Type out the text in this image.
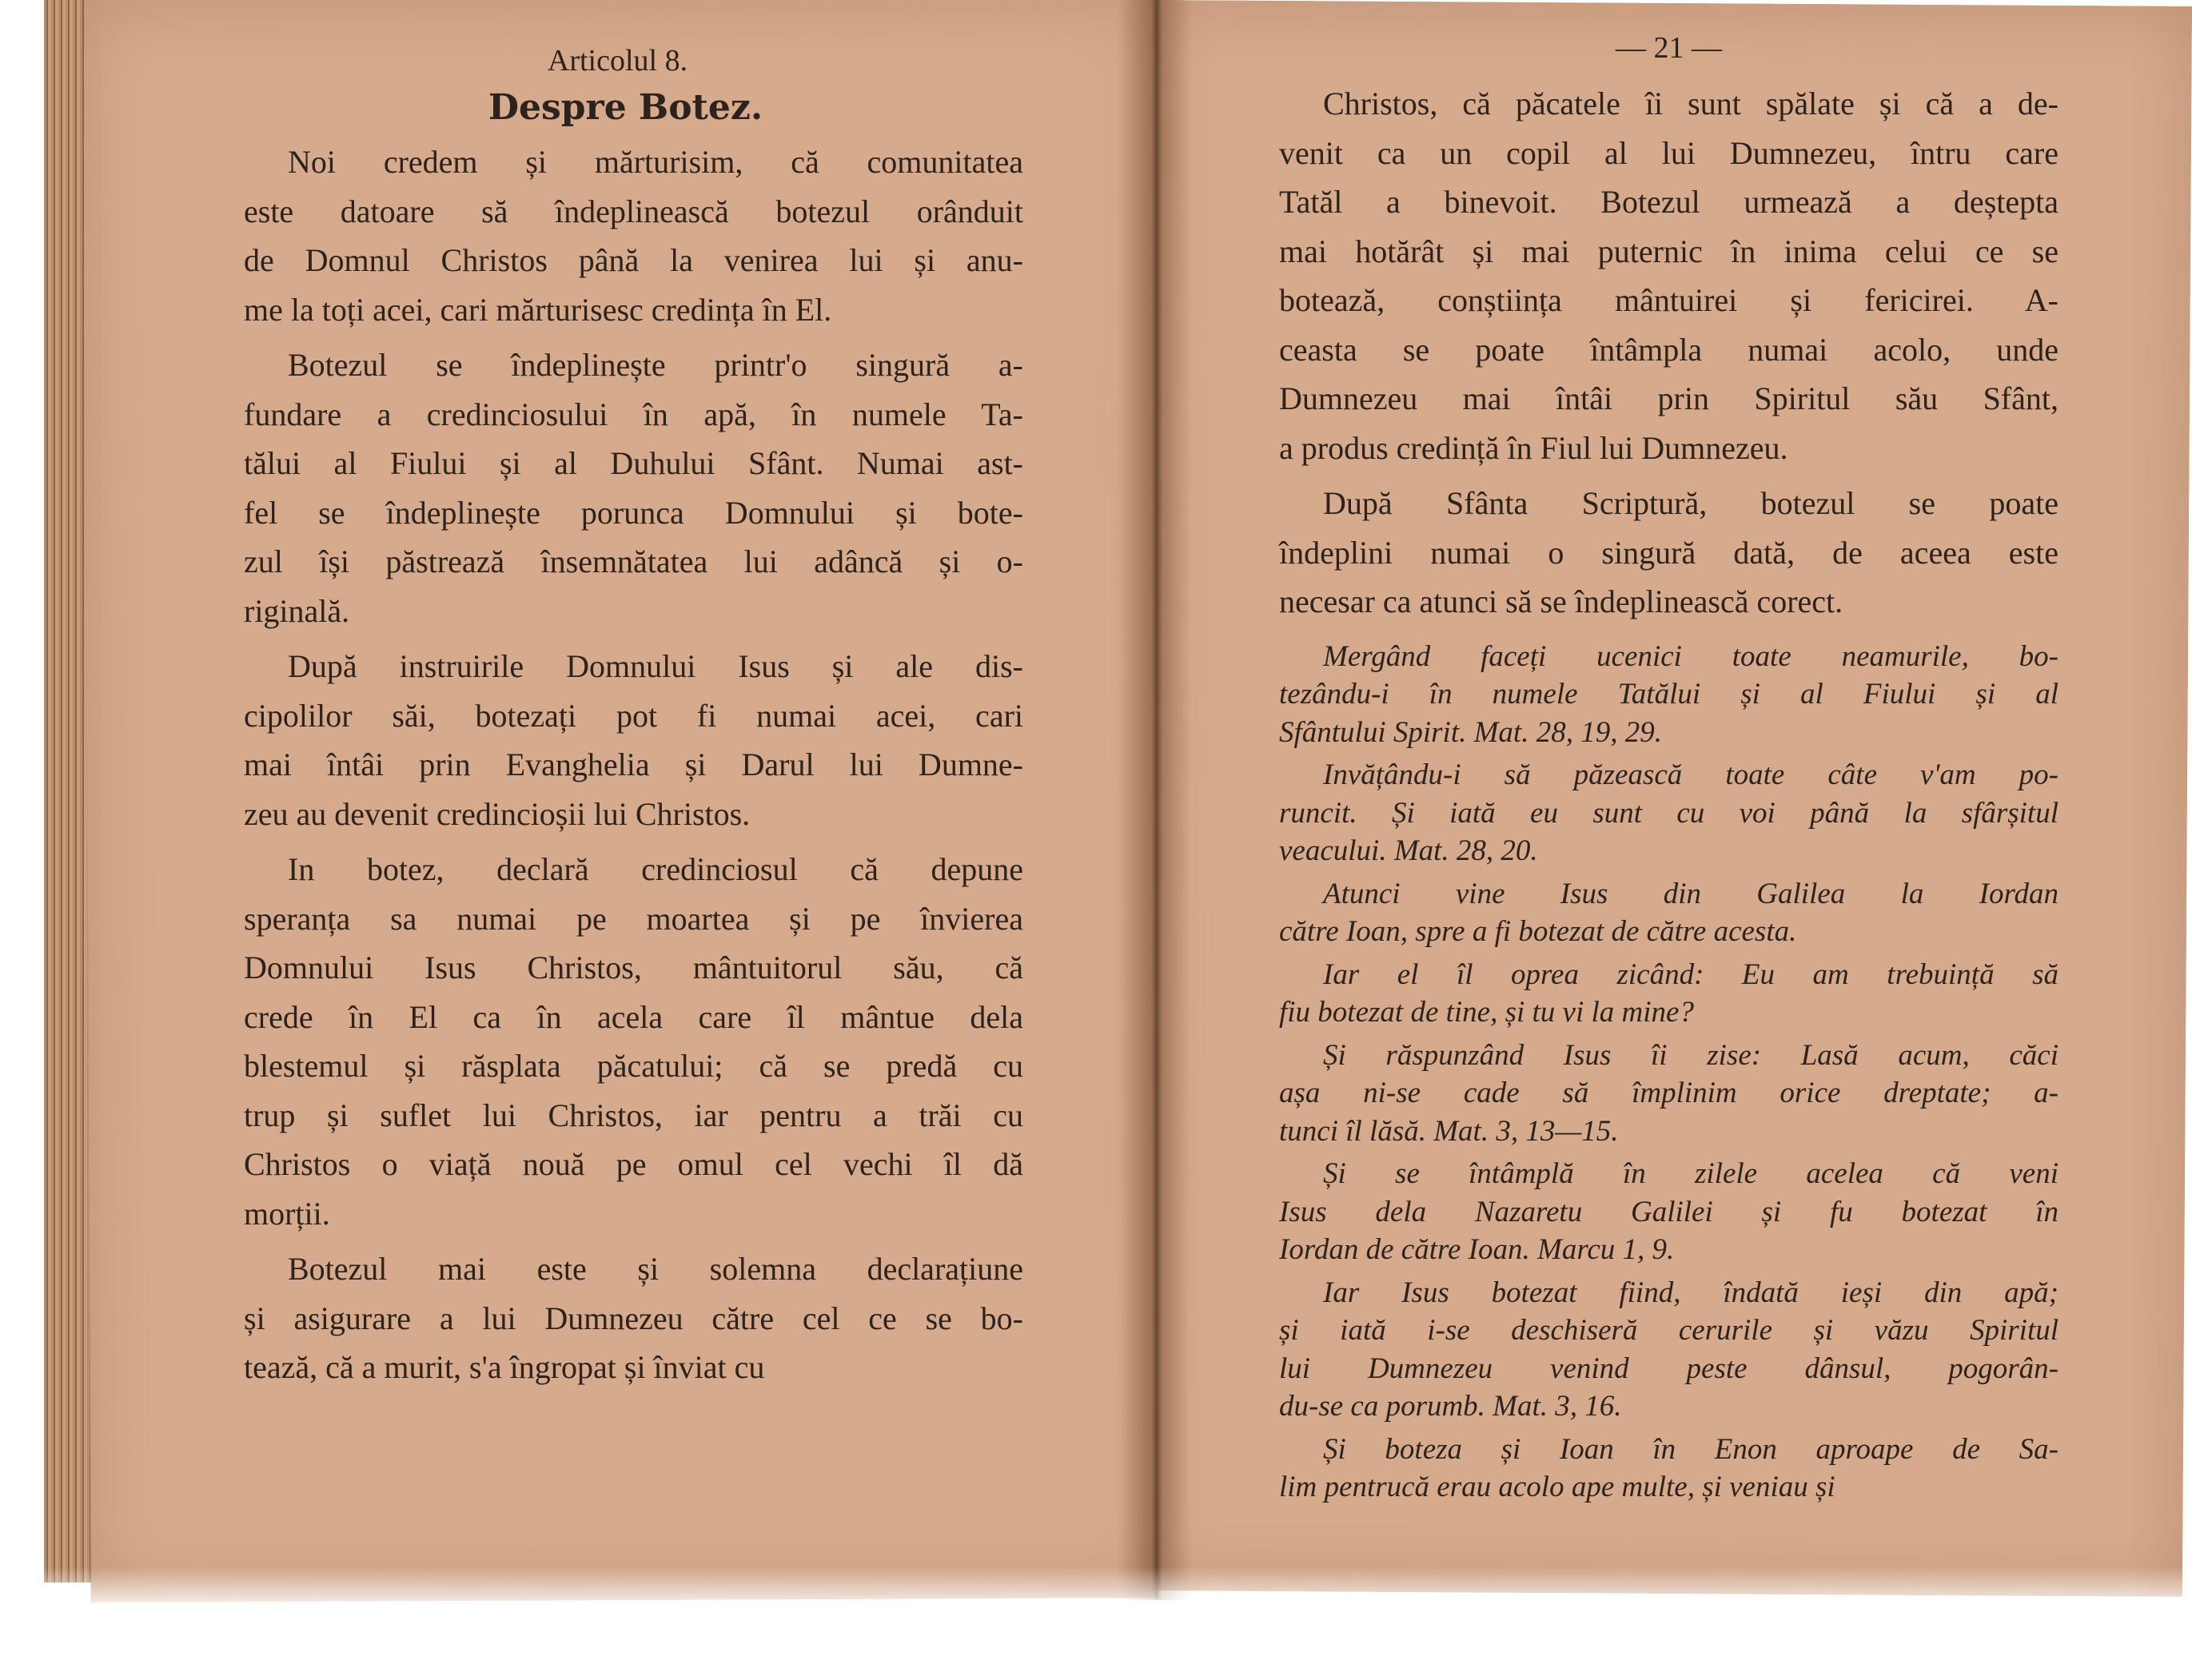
Articolul 8.
Despre Botez.
Noi credem și mărturisim, că comunitatea
este datoare să îndeplinească botezul orânduit
de Domnul Christos până la venirea lui și anu-
me la toți acei, cari mărturisesc credința în El.
Botezul se îndeplinește printr'o singură a-
fundare a credinciosului în apă, în numele Ta-
tălui al Fiului și al Duhului Sfânt. Numai ast-
fel se îndeplinește porunca Domnului și bote-
zul își păstrează însemnătatea lui adâncă și o-
riginală.
După instruirile Domnului Isus și ale dis-
cipolilor săi, botezați pot fi numai acei, cari
mai întâi prin Evanghelia și Darul lui Dumne-
zeu au devenit credincioșii lui Christos.
In botez, declară credinciosul că depune
speranța sa numai pe moartea și pe învierea
Domnului Isus Christos, mântuitorul său, că
crede în El ca în acela care îl mântue dela
blestemul și răsplata păcatului; că se predă cu
trup și suflet lui Christos, iar pentru a trăi cu
Christos o viață nouă pe omul cel vechi îl dă
morții.
Botezul mai este și solemna declarațiune
și asigurare a lui Dumnezeu către cel ce se bo-
tează, că a murit, s'a îngropat și înviat cu
— 21 —
Christos, că păcatele îi sunt spălate și că a de-
venit ca un copil al lui Dumnezeu, întru care
Tatăl a binevoit. Botezul urmează a deștepta
mai hotărât și mai puternic în inima celui ce se
botează, conștiința mântuirei și fericirei. A-
ceasta se poate întâmpla numai acolo, unde
Dumnezeu mai întâi prin Spiritul său Sfânt,
a produs credință în Fiul lui Dumnezeu.
După Sfânta Scriptură, botezul se poate
îndeplini numai o singură dată, de aceea este
necesar ca atunci să se îndeplinească corect.
Mergând faceți ucenici toate neamurile, bo-
tezându-i în numele Tatălui și al Fiului și al
Sfântului Spirit. Mat. 28, 19, 29.
Invățându-i să păzească toate câte v'am po-
runcit. Și iată eu sunt cu voi până la sfârșitul
veacului. Mat. 28, 20.
Atunci vine Isus din Galilea la Iordan
către Ioan, spre a fi botezat de către acesta.
Iar el îl oprea zicând: Eu am trebuință să
fiu botezat de tine, și tu vi la mine?
Și răspunzând Isus îi zise: Lasă acum, căci
așa ni-se cade să împlinim orice dreptate; a-
tunci îl lăsă. Mat. 3, 13—15.
Și se întâmplă în zilele acelea că veni
Isus dela Nazaretu Galilei și fu botezat în
Iordan de către Ioan. Marcu 1, 9.
Iar Isus botezat fiind, îndată ieși din apă;
și iată i-se deschiseră cerurile și văzu Spiritul
lui Dumnezeu venind peste dânsul, pogorân-
du-se ca porumb. Mat. 3, 16.
Și boteza și Ioan în Enon aproape de Sa-
lim pentrucă erau acolo ape multe, și veniau și
